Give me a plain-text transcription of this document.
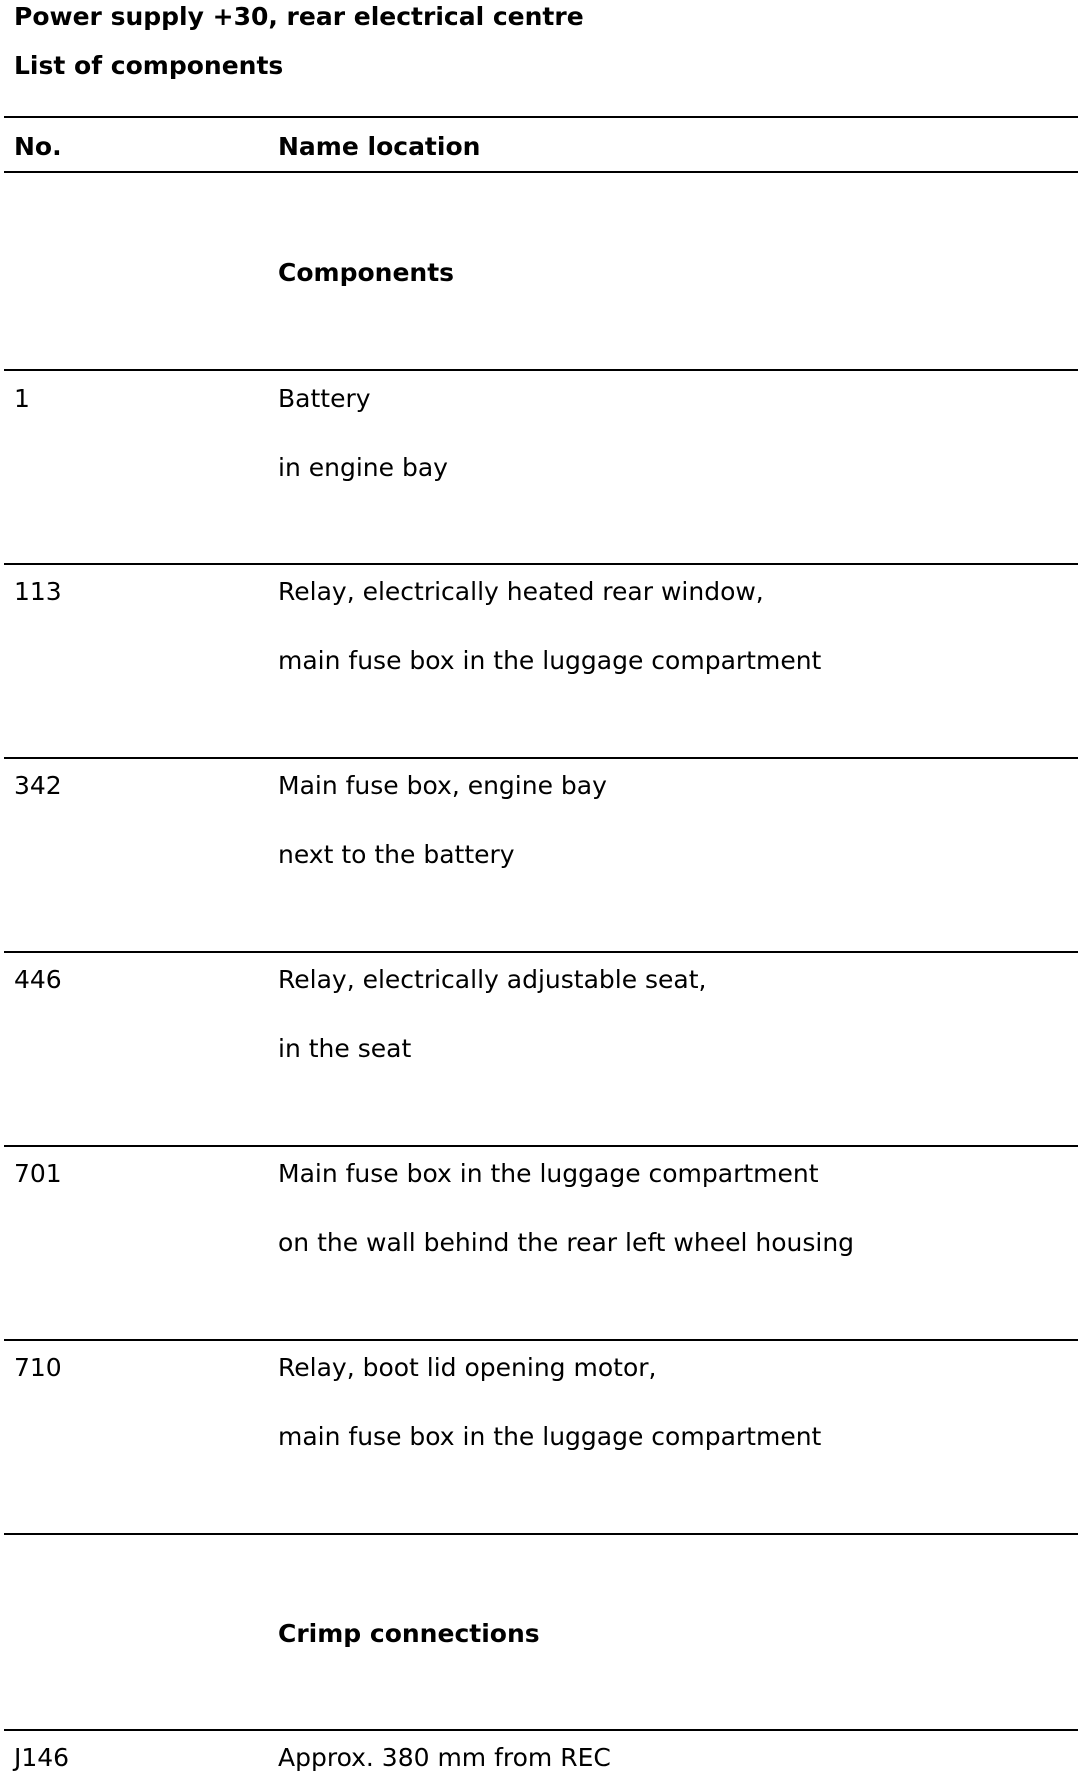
Power supply +30, rear electrical centre
List of components
No.	Name location
Components
1	Battery
in engine bay
113	Relay, electrically heated rear window,
main fuse box in the luggage compartment
342	Main fuse box, engine bay
next to the battery
446	Relay, electrically adjustable seat,
in the seat
701	Main fuse box in the luggage compartment
on the wall behind the rear left wheel housing
710	Relay, boot lid opening motor,
main fuse box in the luggage compartment
Crimp connections
J146	Approx. 380 mm from REC
